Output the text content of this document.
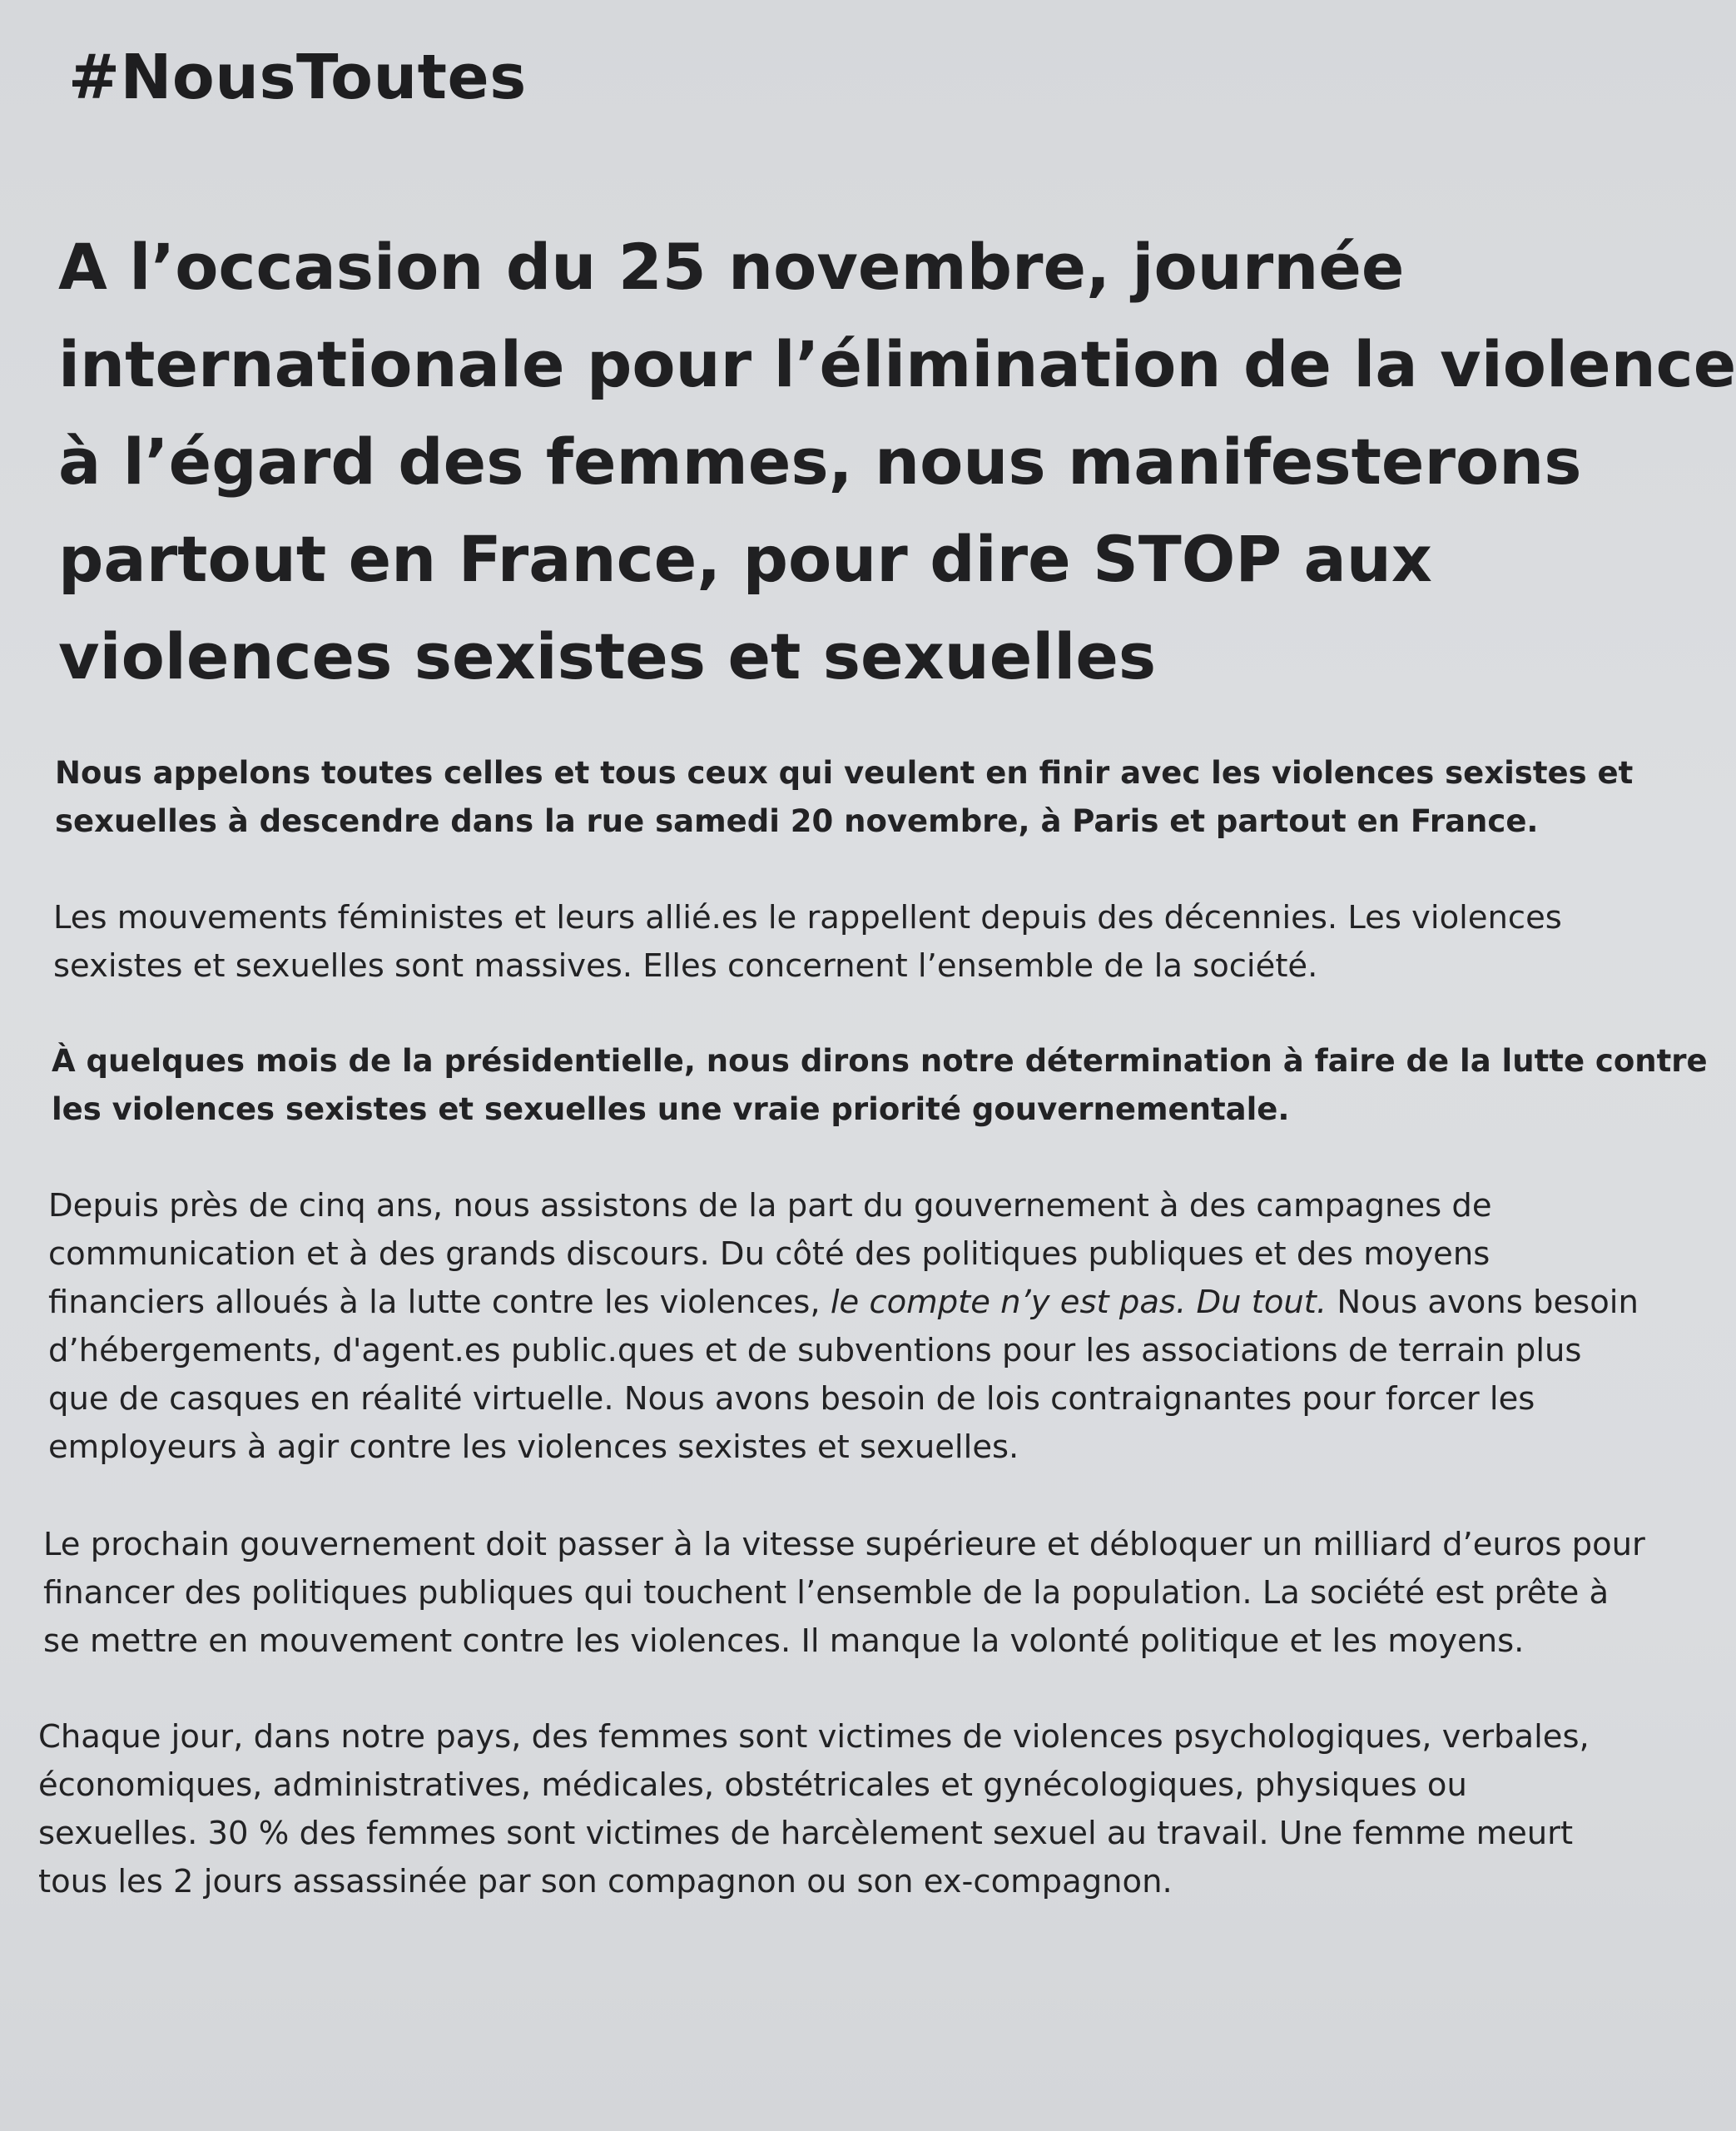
#NousToutes
A l’occasion du 25 novembre, journée
internationale pour l’élimination de la violence
à l’égard des femmes, nous manifesterons
partout en France, pour dire STOP aux
violences sexistes et sexuelles

Nous appelons toutes celles et tous ceux qui veulent en finir avec les violences sexistes et
sexuelles à descendre dans la rue samedi 20 novembre, à Paris et partout en France.

Les mouvements féministes et leurs allié.es le rappellent depuis des décennies. Les violences
sexistes et sexuelles sont massives. Elles concernent l’ensemble de la société.

À quelques mois de la présidentielle, nous dirons notre détermination à faire de la lutte contre
les violences sexistes et sexuelles une vraie priorité gouvernementale.

Depuis près de cinq ans, nous assistons de la part du gouvernement à des campagnes de
communication et à des grands discours. Du côté des politiques publiques et des moyens
financiers alloués à la lutte contre les violences, le compte n’y est pas. Du tout. Nous avons besoin
d’hébergements, d'agent.es public.ques et de subventions pour les associations de terrain plus
que de casques en réalité virtuelle. Nous avons besoin de lois contraignantes pour forcer les
employeurs à agir contre les violences sexistes et sexuelles.

Le prochain gouvernement doit passer à la vitesse supérieure et débloquer un milliard d’euros pour
financer des politiques publiques qui touchent l’ensemble de la population. La société est prête à
se mettre en mouvement contre les violences. Il manque la volonté politique et les moyens.

Chaque jour, dans notre pays, des femmes sont victimes de violences psychologiques, verbales,
économiques, administratives, médicales, obstétricales et gynécologiques, physiques ou
sexuelles. 30 % des femmes sont victimes de harcèlement sexuel au travail. Une femme meurt
tous les 2 jours assassinée par son compagnon ou son ex-compagnon.
